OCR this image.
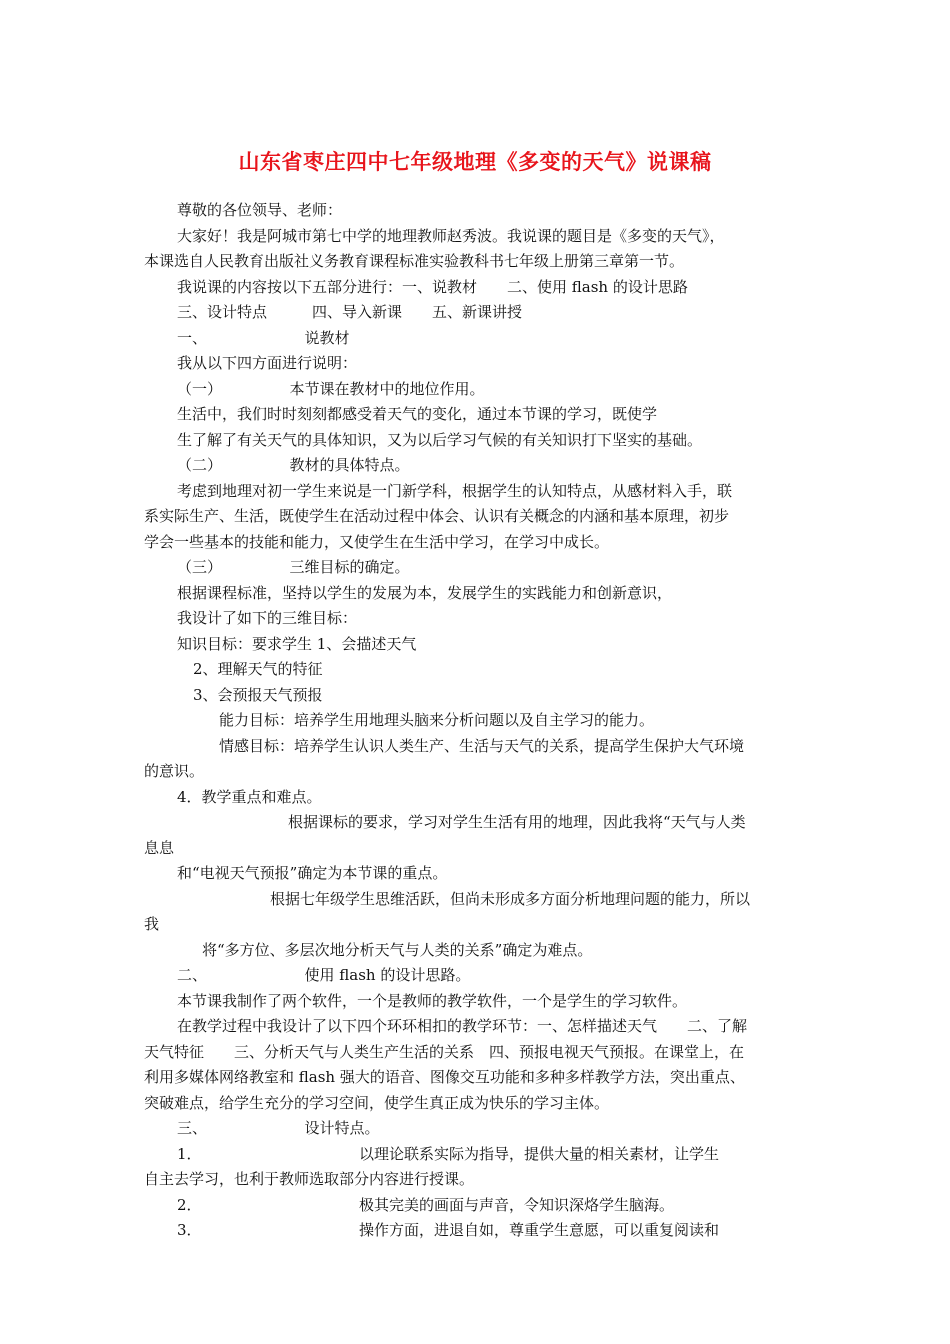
山东省枣庄四中七年级地理《多变的天气》说课稿
尊敬的各位领导、老师：
大家好！我是阿城市第七中学的地理教师赵秀波。我说课的题目是《多变的天气》，
本课选自人民教育出版社义务教育课程标准实验教科书七年级上册第三章第一节。
我说课的内容按以下五部分进行：一、说教材　　二、使用 flash 的设计思路
三、设计特点　　　四、导入新课　　五、新课讲授
一、　　　　　　　说教材
我从以下四方面进行说明：
（一）　　　　　本节课在教材中的地位作用。
生活中，我们时时刻刻都感受着天气的变化，通过本节课的学习，既使学
生了解了有关天气的具体知识，又为以后学习气候的有关知识打下坚实的基础。
（二）　　　　　教材的具体特点。
考虑到地理对初一学生来说是一门新学科，根据学生的认知特点，从感材料入手，联
系实际生产、生活，既使学生在活动过程中体会、认识有关概念的内涵和基本原理，初步
学会一些基本的技能和能力，又使学生在生活中学习，在学习中成长。
（三）　　　　　三维目标的确定。
根据课程标准，坚持以学生的发展为本，发展学生的实践能力和创新意识，
我设计了如下的三维目标：
知识目标：要求学生 1、会描述天气
2、理解天气的特征
3、会预报天气预报
能力目标：培养学生用地理头脑来分析问题以及自主学习的能力。
情感目标：培养学生认识人类生产、生活与天气的关系，提高学生保护大气环境
的意识。
4．教学重点和难点。
根据课标的要求，学习对学生生活有用的地理，因此我将“天气与人类
息息
和“电视天气预报”确定为本节课的重点。
根据七年级学生思维活跃，但尚未形成多方面分析地理问题的能力，所以
我
将“多方位、多层次地分析天气与人类的关系”确定为难点。
二、　　　　　　　使用 flash 的设计思路。
本节课我制作了两个软件，一个是教师的教学软件，一个是学生的学习软件。
在教学过程中我设计了以下四个环环相扣的教学环节：一、怎样描述天气　　二、了解
天气特征　　三、分析天气与人类生产生活的关系　四、预报电视天气预报。在课堂上，在
利用多媒体网络教室和 flash 强大的语音、图像交互功能和多种多样教学方法，突出重点、
突破难点，给学生充分的学习空间，使学生真正成为快乐的学习主体。
三、　　　　　　　设计特点。
1．　　　　　　　　　　　以理论联系实际为指导，提供大量的相关素材，让学生
自主去学习，也利于教师选取部分内容进行授课。
2．　　　　　　　　　　　极其完美的画面与声音，令知识深烙学生脑海。
3．　　　　　　　　　　　操作方面，进退自如，尊重学生意愿，可以重复阅读和
